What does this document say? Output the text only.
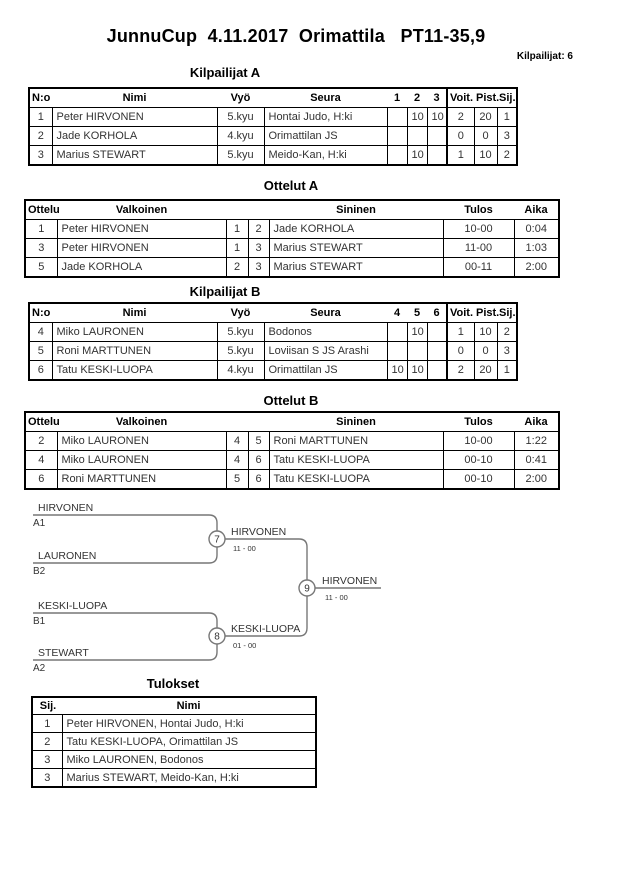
JunnuCup  4.11.2017  Orimattila   PT11-35,9
Kilpailijat: 6
Kilpailijat A
N:o	Nimi	Vyö	Seura	1	2	3	Voit.	Pist.	Sij.
1	Peter HIRVONEN	5.kyu	Hontai Judo, H:ki		10	10	2	20	1
2	Jade KORHOLA	4.kyu	Orimattilan JS				0	0	3
3	Marius STEWART	5.kyu	Meido-Kan, H:ki		10		1	10	2
Ottelut A
Ottelu	Valkoinen			Sininen	Tulos	Aika
1	Peter HIRVONEN	1	2	Jade KORHOLA	10-00	0:04
3	Peter HIRVONEN	1	3	Marius STEWART	11-00	1:03
5	Jade KORHOLA	2	3	Marius STEWART	00-11	2:00
Kilpailijat B
N:o	Nimi	Vyö	Seura	4	5	6	Voit.	Pist.	Sij.
4	Miko LAURONEN	5.kyu	Bodonos		10		1	10	2
5	Roni MARTTUNEN	5.kyu	Loviisan S JS Arashi				0	0	3
6	Tatu KESKI-LUOPA	4.kyu	Orimattilan JS	10	10		2	20	1
Ottelut B
Ottelu	Valkoinen			Sininen	Tulos	Aika
2	Miko LAURONEN	4	5	Roni MARTTUNEN	10-00	1:22
4	Miko LAURONEN	4	6	Tatu KESKI-LUOPA	00-10	0:41
6	Roni MARTTUNEN	5	6	Tatu KESKI-LUOPA	00-10	2:00
HIRVONEN
A1
LAURONEN
B2
KESKI-LUOPA
B1
STEWART
A2
7
8
9
HIRVONEN
11 - 00
KESKI-LUOPA
01 - 00
HIRVONEN
11 - 00
Tulokset
Sij.	Nimi
1	Peter HIRVONEN, Hontai Judo, H:ki
2	Tatu KESKI-LUOPA, Orimattilan JS
3	Miko LAURONEN, Bodonos
3	Marius STEWART, Meido-Kan, H:ki
